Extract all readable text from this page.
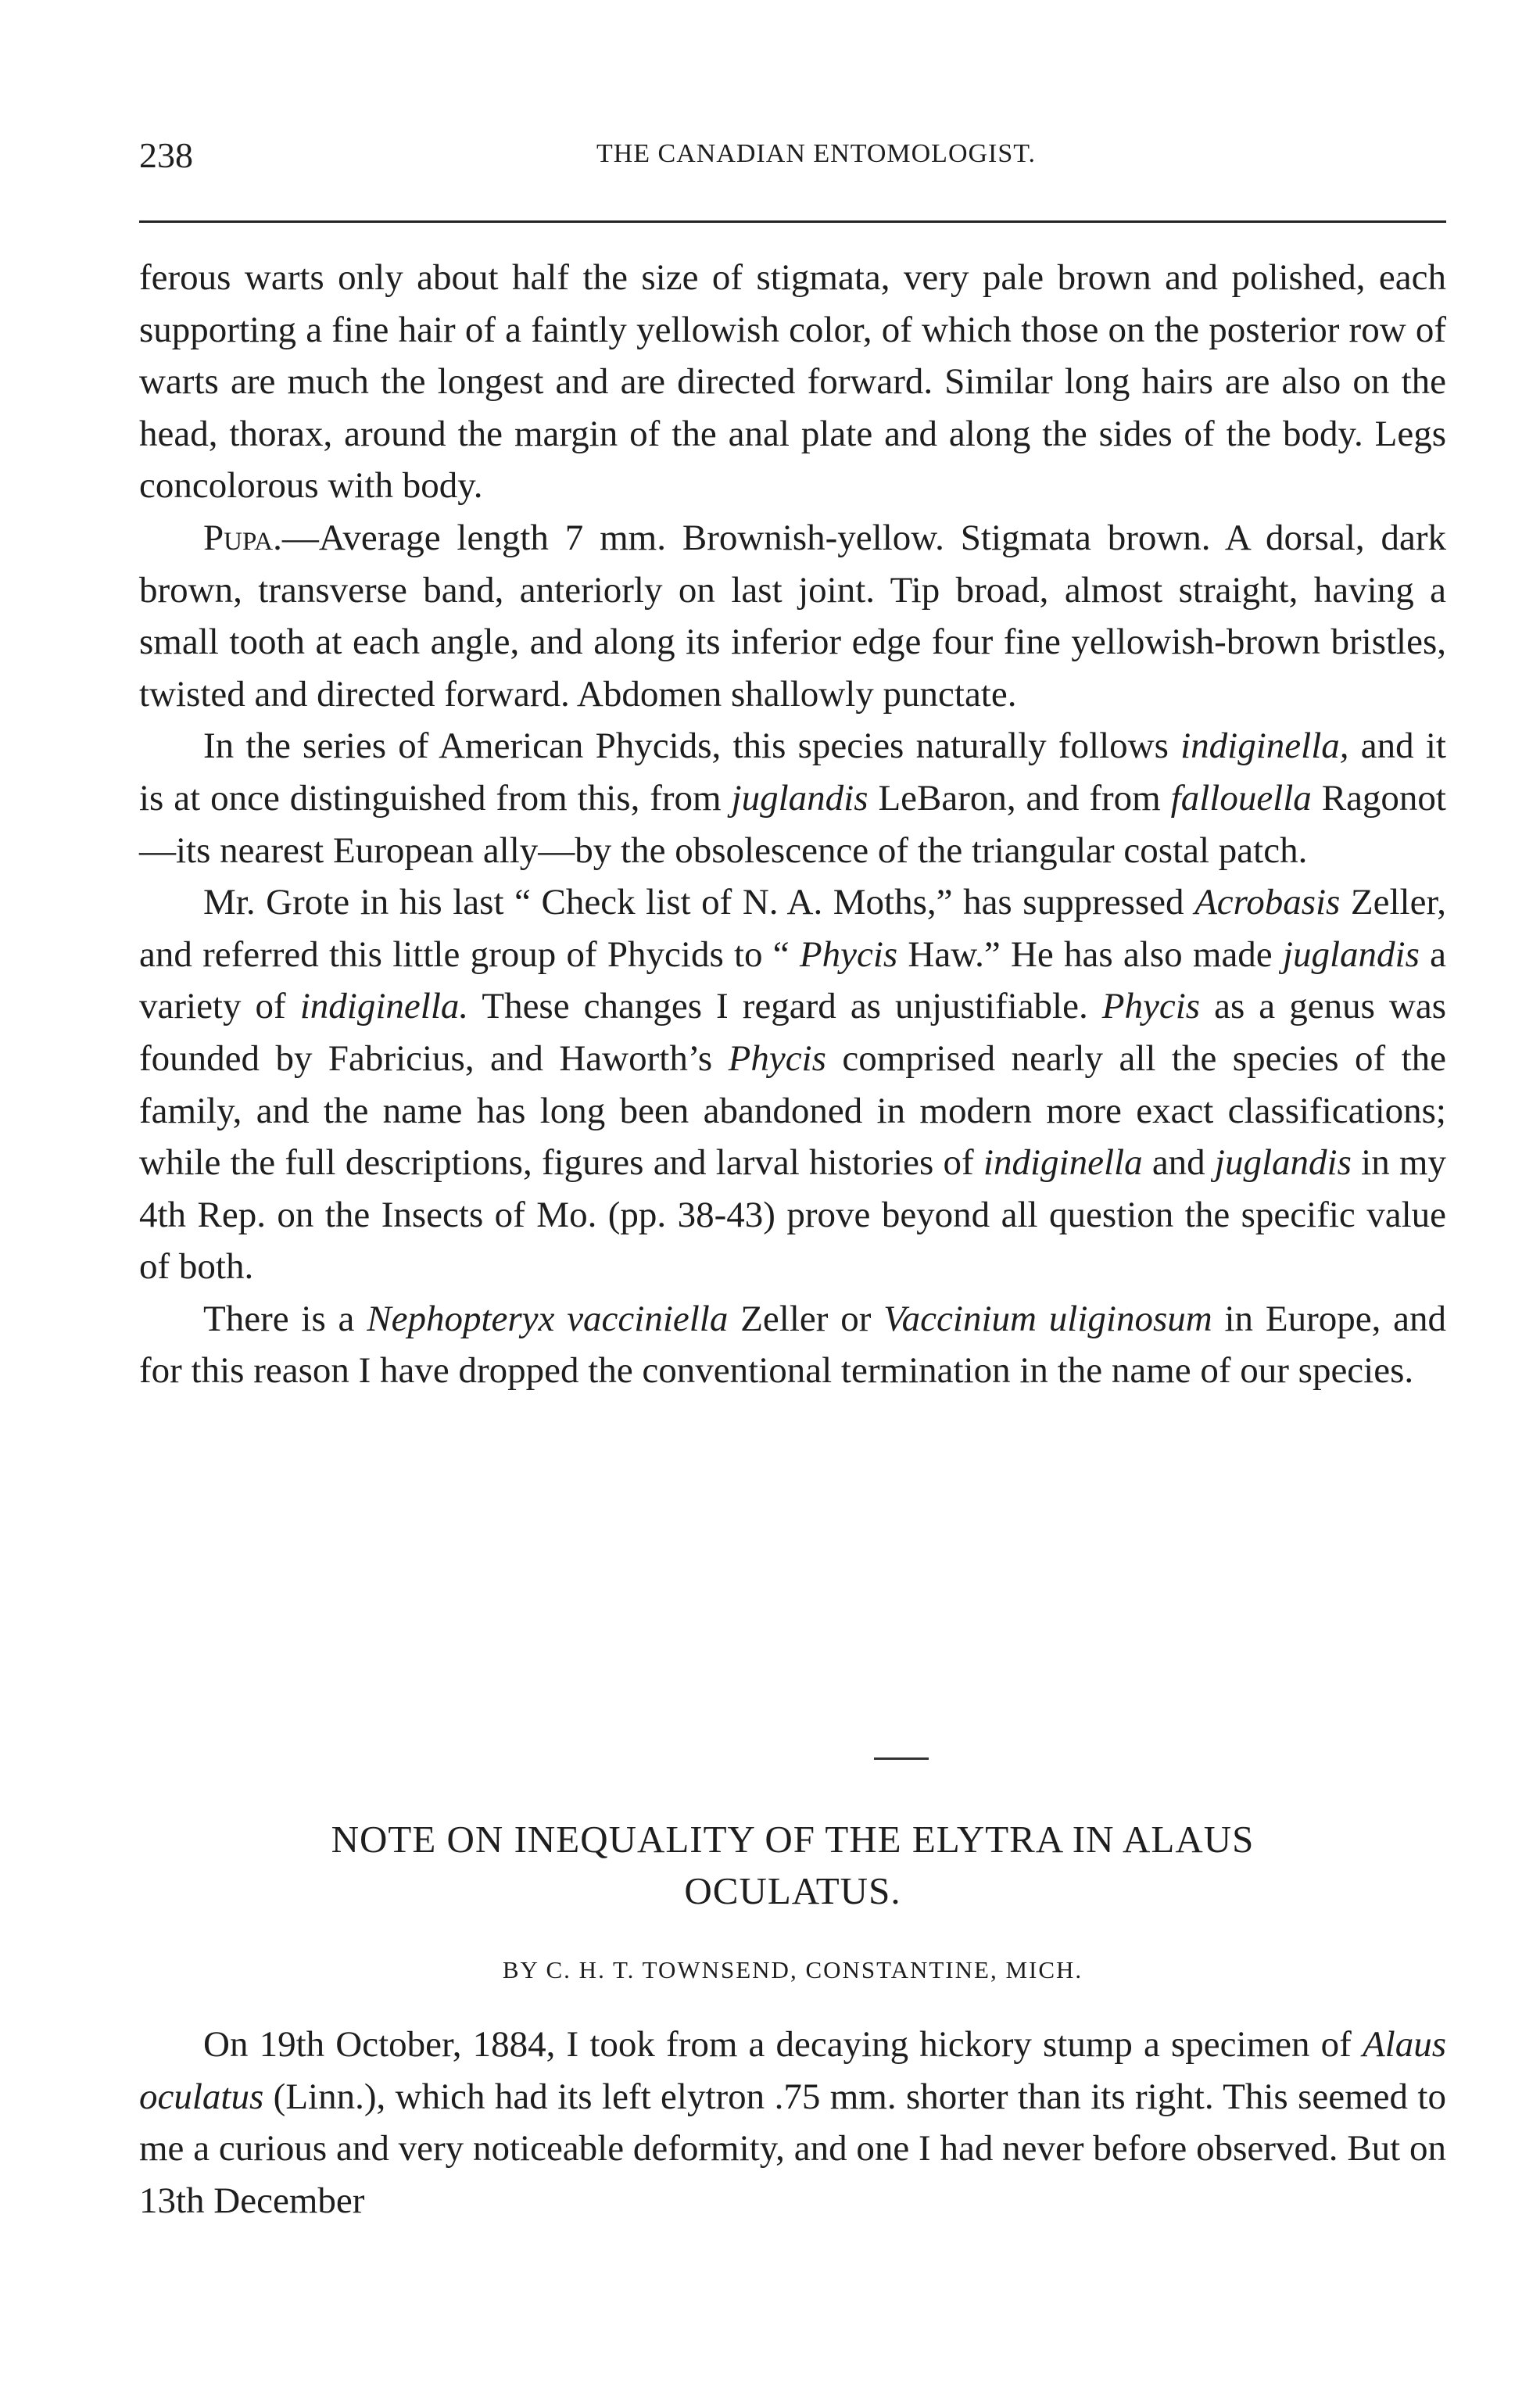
238	THE CANADIAN ENTOMOLOGIST.

ferous warts only about half the size of stigmata, very pale brown and polished, each supporting a fine hair of a faintly yellowish color, of which those on the posterior row of warts are much the longest and are directed forward. Similar long hairs are also on the head, thorax, around the margin of the anal plate and along the sides of the body. Legs concolorous with body.

Pupa.—Average length 7 mm. Brownish-yellow. Stigmata brown. A dorsal, dark brown, transverse band, anteriorly on last joint. Tip broad, almost straight, having a small tooth at each angle, and along its inferior edge four fine yellowish-brown bristles, twisted and directed forward. Abdomen shallowly punctate.

In the series of American Phycids, this species naturally follows indiginella, and it is at once distinguished from this, from juglandis LeBaron, and from fallouella Ragonot—its nearest European ally—by the obsolescence of the triangular costal patch.

Mr. Grote in his last “ Check list of N. A. Moths,” has suppressed Acrobasis Zeller, and referred this little group of Phycids to “ Phycis Haw.” He has also made juglandis a variety of indiginella. These changes I regard as unjustifiable. Phycis as a genus was founded by Fabricius, and Haworth’s Phycis comprised nearly all the species of the family, and the name has long been abandoned in modern more exact classifications; while the full descriptions, figures and larval histories of indiginella and juglandis in my 4th Rep. on the Insects of Mo. (pp. 38-43) prove beyond all question the specific value of both.

There is a Nephopteryx vacciniella Zeller or Vaccinium uliginosum in Europe, and for this reason I have dropped the conventional termination in the name of our species.

NOTE ON INEQUALITY OF THE ELYTRA IN ALAUS
OCULATUS.
BY C. H. T. TOWNSEND, CONSTANTINE, MICH.

On 19th October, 1884, I took from a decaying hickory stump a specimen of Alaus oculatus (Linn.), which had its left elytron .75 mm. shorter than its right. This seemed to me a curious and very noticeable deformity, and one I had never before observed. But on 13th December
